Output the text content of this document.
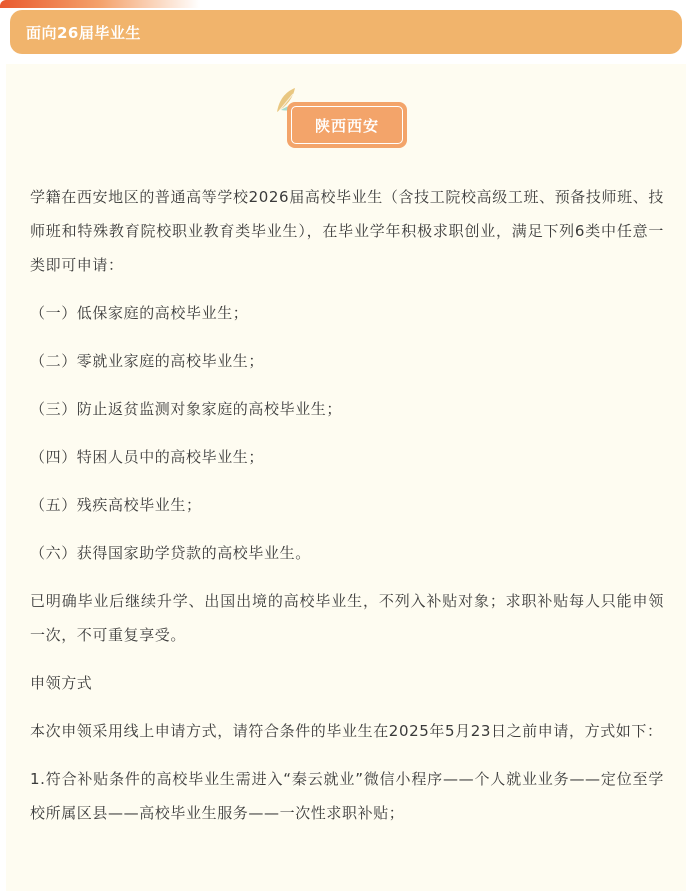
面向26届毕业生
陕西西安

学籍在西安地区的普通高等学校2026届高校毕业生（含技工院校高级工班、预备技师班、技师班和特殊教育院校职业教育类毕业生），在毕业学年积极求职创业，满足下列6类中任意一类即可申请：

（一）低保家庭的高校毕业生；

（二）零就业家庭的高校毕业生；

（三）防止返贫监测对象家庭的高校毕业生；

（四）特困人员中的高校毕业生；

（五）残疾高校毕业生；

（六）获得国家助学贷款的高校毕业生。

已明确毕业后继续升学、出国出境的高校毕业生，不列入补贴对象；求职补贴每人只能申领一次，不可重复享受。

申领方式

本次申领采用线上申请方式，请符合条件的毕业生在2025年5月23日之前申请，方式如下：

1.符合补贴条件的高校毕业生需进入“秦云就业”微信小程序——个人就业业务——定位至学校所属区县——高校毕业生服务——一次性求职补贴；
